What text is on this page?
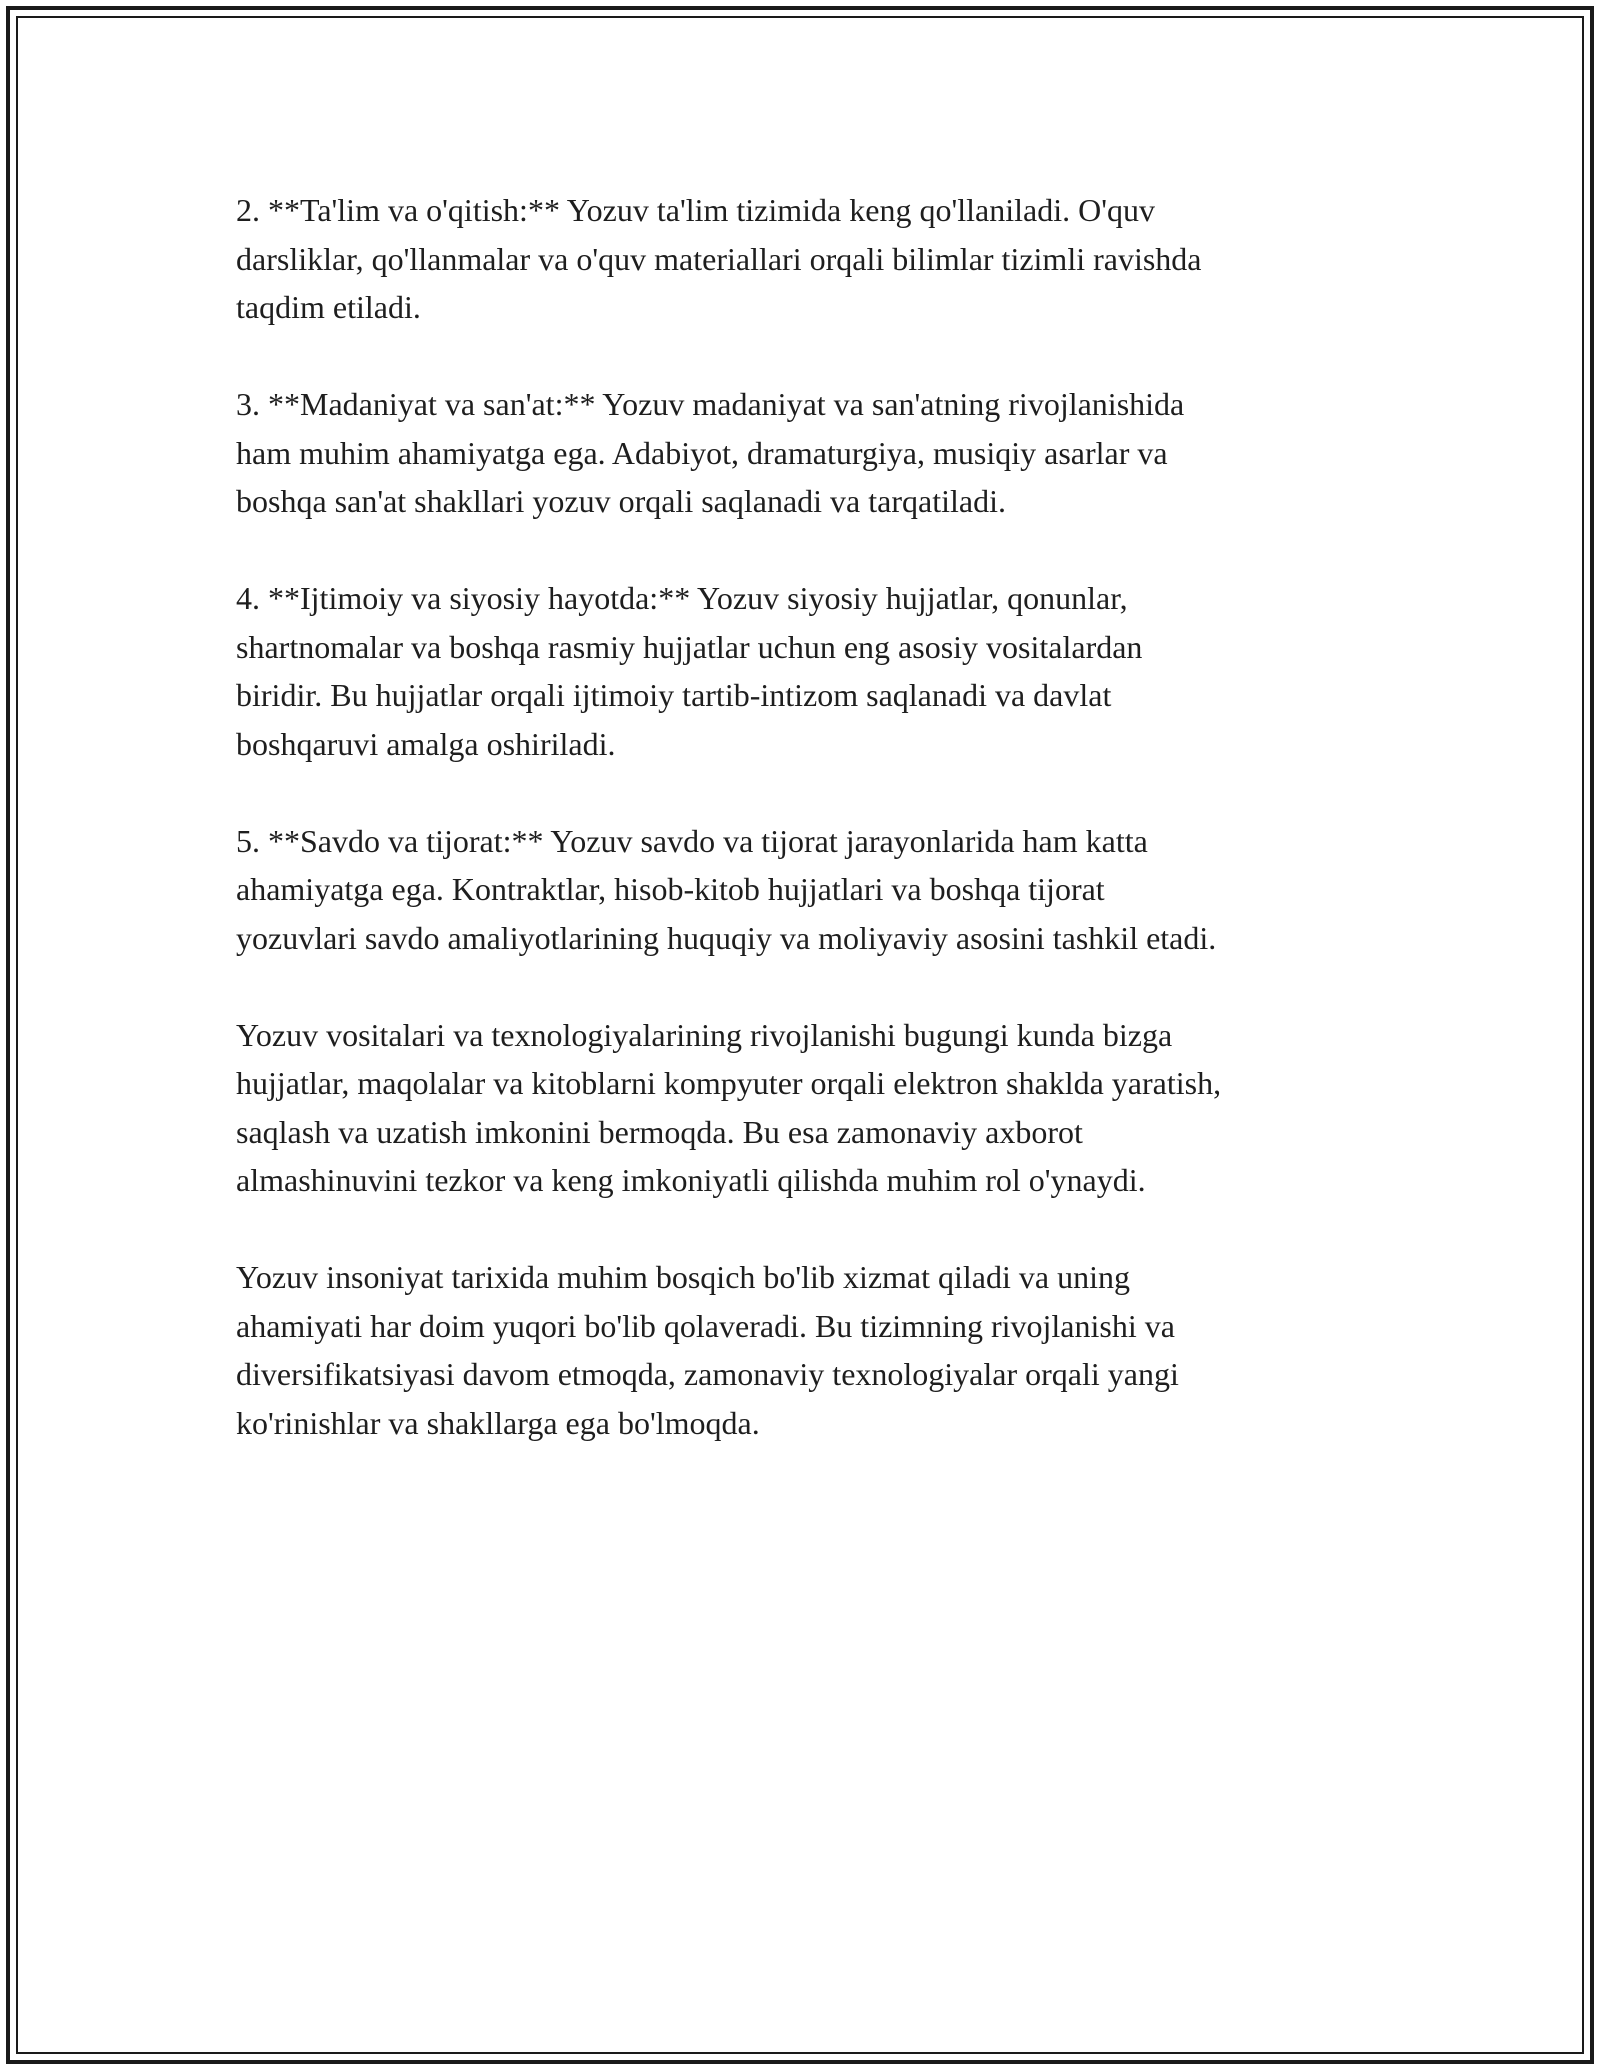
2. **Ta'lim va o'qitish:** Yozuv ta'lim tizimida keng qo'llaniladi. O'quv
darsliklar, qo'llanmalar va o'quv materiallari orqali bilimlar tizimli ravishda
taqdim etiladi.

3. **Madaniyat va san'at:** Yozuv madaniyat va san'atning rivojlanishida
ham muhim ahamiyatga ega. Adabiyot, dramaturgiya, musiqiy asarlar va
boshqa san'at shakllari yozuv orqali saqlanadi va tarqatiladi.

4. **Ijtimoiy va siyosiy hayotda:** Yozuv siyosiy hujjatlar, qonunlar,
shartnomalar va boshqa rasmiy hujjatlar uchun eng asosiy vositalardan
biridir. Bu hujjatlar orqali ijtimoiy tartib-intizom saqlanadi va davlat
boshqaruvi amalga oshiriladi.

5. **Savdo va tijorat:** Yozuv savdo va tijorat jarayonlarida ham katta
ahamiyatga ega. Kontraktlar, hisob-kitob hujjatlari va boshqa tijorat
yozuvlari savdo amaliyotlarining huquqiy va moliyaviy asosini tashkil etadi.

Yozuv vositalari va texnologiyalarining rivojlanishi bugungi kunda bizga
hujjatlar, maqolalar va kitoblarni kompyuter orqali elektron shaklda yaratish,
saqlash va uzatish imkonini bermoqda. Bu esa zamonaviy axborot
almashinuvini tezkor va keng imkoniyatli qilishda muhim rol o'ynaydi.

Yozuv insoniyat tarixida muhim bosqich bo'lib xizmat qiladi va uning
ahamiyati har doim yuqori bo'lib qolaveradi. Bu tizimning rivojlanishi va
diversifikatsiyasi davom etmoqda, zamonaviy texnologiyalar orqali yangi
ko'rinishlar va shakllarga ega bo'lmoqda.
